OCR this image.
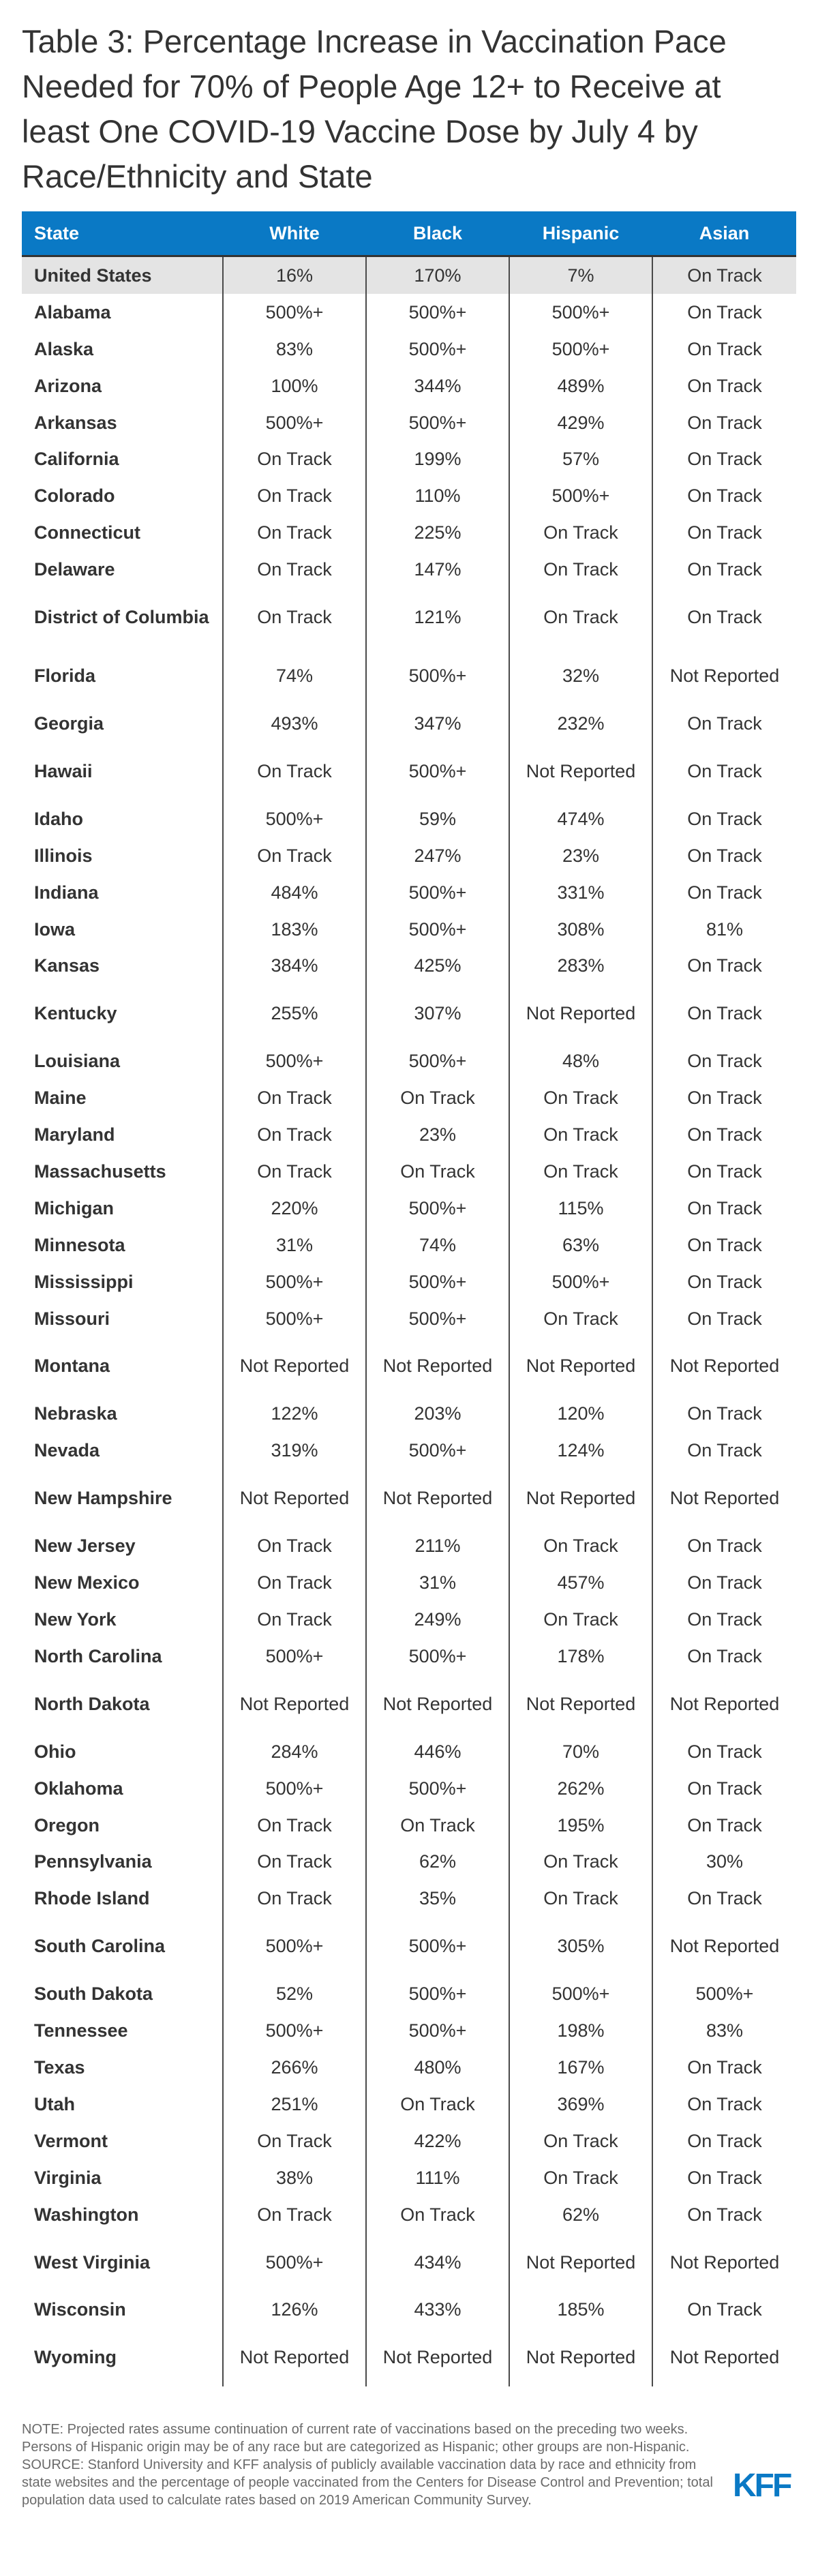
Table 3: Percentage Increase in Vaccination Pace Needed for 70% of People Age 12+ to Receive at least One COVID-19 Vaccine Dose by July 4 by Race/Ethnicity and State
State	White	Black	Hispanic	Asian
United States	16%	170%	7%	On Track
Alabama	500%+	500%+	500%+	On Track
Alaska	83%	500%+	500%+	On Track
Arizona	100%	344%	489%	On Track
Arkansas	500%+	500%+	429%	On Track
California	On Track	199%	57%	On Track
Colorado	On Track	110%	500%+	On Track
Connecticut	On Track	225%	On Track	On Track
Delaware	On Track	147%	On Track	On Track
District of Columbia	On Track	121%	On Track	On Track
Florida	74%	500%+	32%	Not Reported
Georgia	493%	347%	232%	On Track
Hawaii	On Track	500%+	Not Reported	On Track
Idaho	500%+	59%	474%	On Track
Illinois	On Track	247%	23%	On Track
Indiana	484%	500%+	331%	On Track
Iowa	183%	500%+	308%	81%
Kansas	384%	425%	283%	On Track
Kentucky	255%	307%	Not Reported	On Track
Louisiana	500%+	500%+	48%	On Track
Maine	On Track	On Track	On Track	On Track
Maryland	On Track	23%	On Track	On Track
Massachusetts	On Track	On Track	On Track	On Track
Michigan	220%	500%+	115%	On Track
Minnesota	31%	74%	63%	On Track
Mississippi	500%+	500%+	500%+	On Track
Missouri	500%+	500%+	On Track	On Track
Montana	Not Reported	Not Reported	Not Reported	Not Reported
Nebraska	122%	203%	120%	On Track
Nevada	319%	500%+	124%	On Track
New Hampshire	Not Reported	Not Reported	Not Reported	Not Reported
New Jersey	On Track	211%	On Track	On Track
New Mexico	On Track	31%	457%	On Track
New York	On Track	249%	On Track	On Track
North Carolina	500%+	500%+	178%	On Track
North Dakota	Not Reported	Not Reported	Not Reported	Not Reported
Ohio	284%	446%	70%	On Track
Oklahoma	500%+	500%+	262%	On Track
Oregon	On Track	On Track	195%	On Track
Pennsylvania	On Track	62%	On Track	30%
Rhode Island	On Track	35%	On Track	On Track
South Carolina	500%+	500%+	305%	Not Reported
South Dakota	52%	500%+	500%+	500%+
Tennessee	500%+	500%+	198%	83%
Texas	266%	480%	167%	On Track
Utah	251%	On Track	369%	On Track
Vermont	On Track	422%	On Track	On Track
Virginia	38%	111%	On Track	On Track
Washington	On Track	On Track	62%	On Track
West Virginia	500%+	434%	Not Reported	Not Reported
Wisconsin	126%	433%	185%	On Track
Wyoming	Not Reported	Not Reported	Not Reported	Not Reported
NOTE: Projected rates assume continuation of current rate of vaccinations based on the preceding two weeks. Persons of Hispanic origin may be of any race but are categorized as Hispanic; other groups are non-Hispanic.
SOURCE: Stanford University and KFF analysis of publicly available vaccination data by race and ethnicity from state websites and the percentage of people vaccinated from the Centers for Disease Control and Prevention; total population data used to calculate rates based on 2019 American Community Survey.	KFF
